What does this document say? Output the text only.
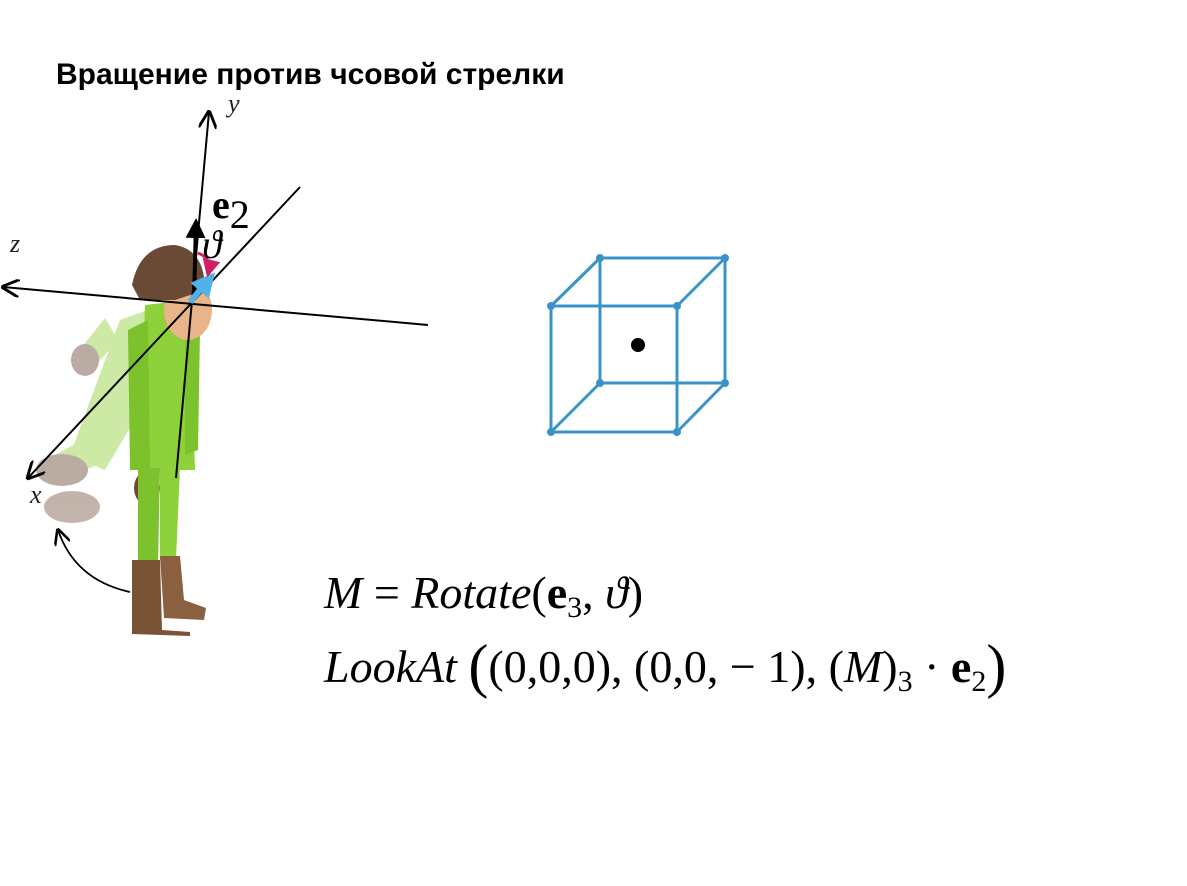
Вращение против чсовой стрелки
y
z
x
e2
ϑ
$M = Rotate(e_3$, ϑ)
LookAt ((0,0,0), (0,0, − 1), $(M)_3 \cdot e_2$)
